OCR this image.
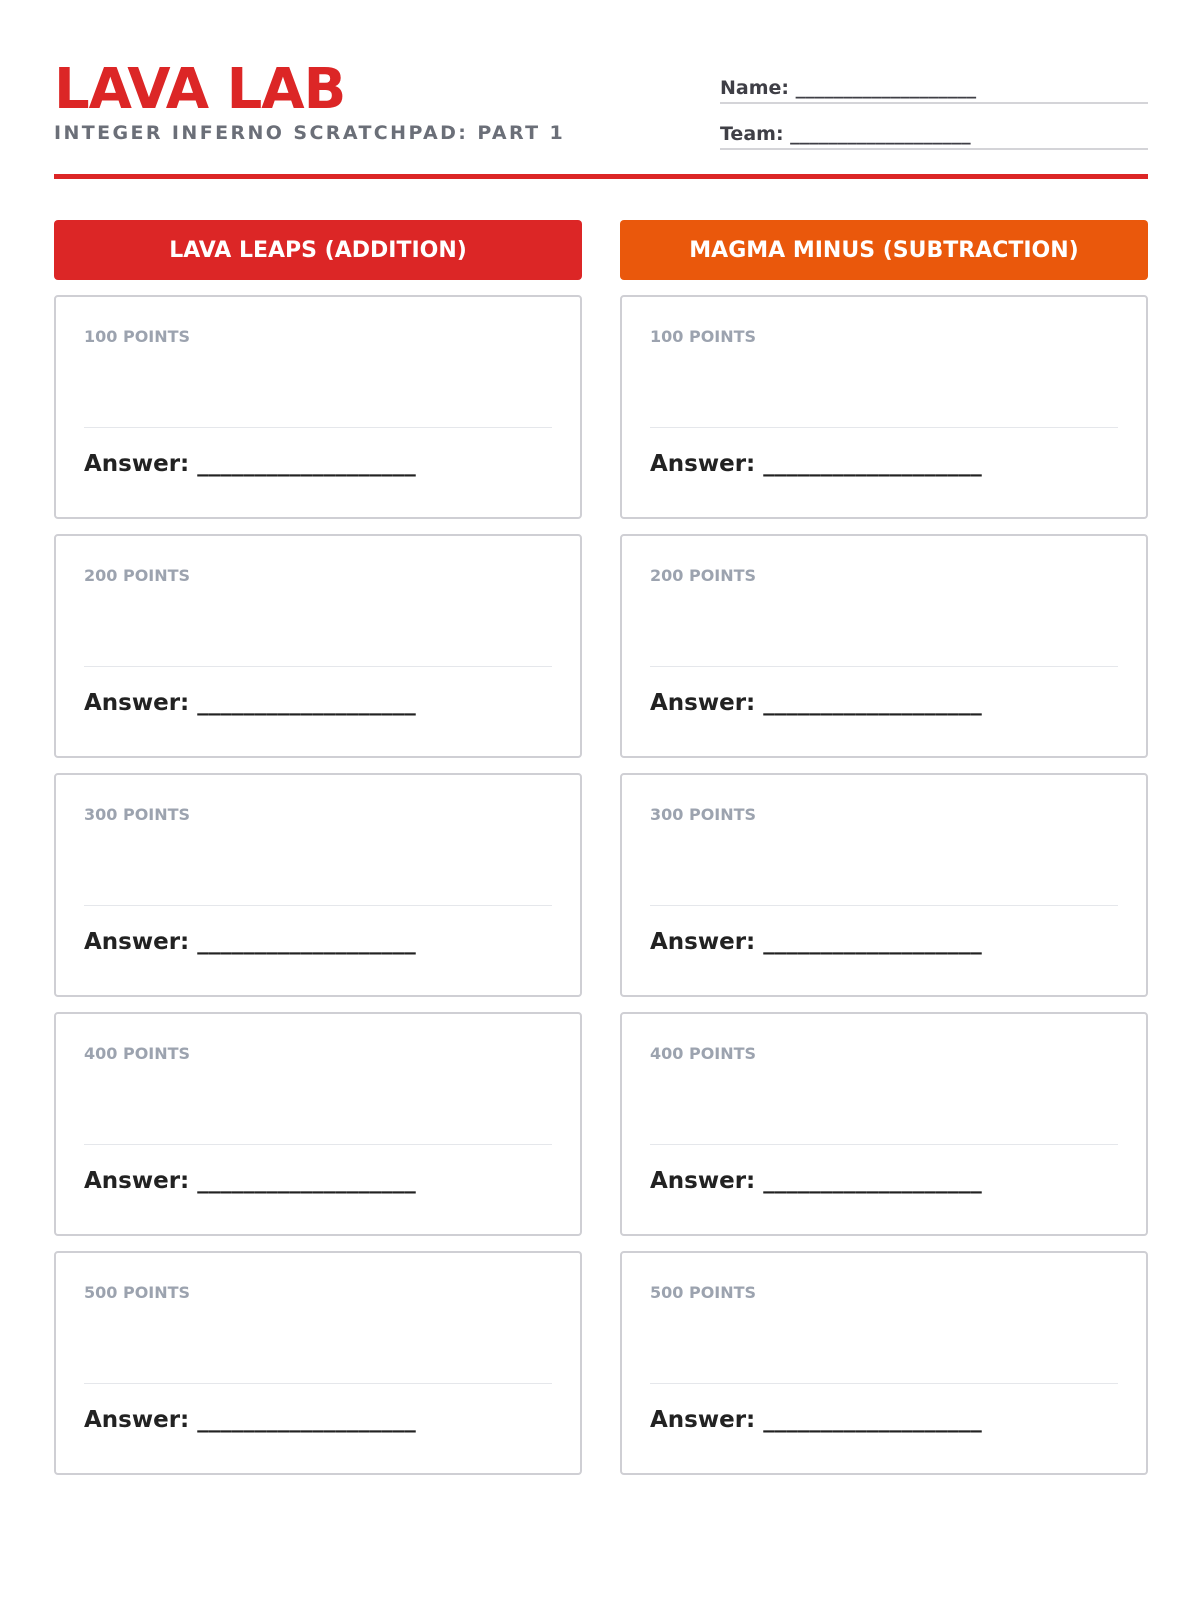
LAVA LAB
INTEGER INFERNO SCRATCHPAD: PART 1
Name: ___________________
Team: ___________________
LAVA LEAPS (ADDITION)
100 POINTS
Answer: ___________________
200 POINTS
Answer: ___________________
300 POINTS
Answer: ___________________
400 POINTS
Answer: ___________________
500 POINTS
Answer: ___________________
MAGMA MINUS (SUBTRACTION)
100 POINTS
Answer: ___________________
200 POINTS
Answer: ___________________
300 POINTS
Answer: ___________________
400 POINTS
Answer: ___________________
500 POINTS
Answer: ___________________
